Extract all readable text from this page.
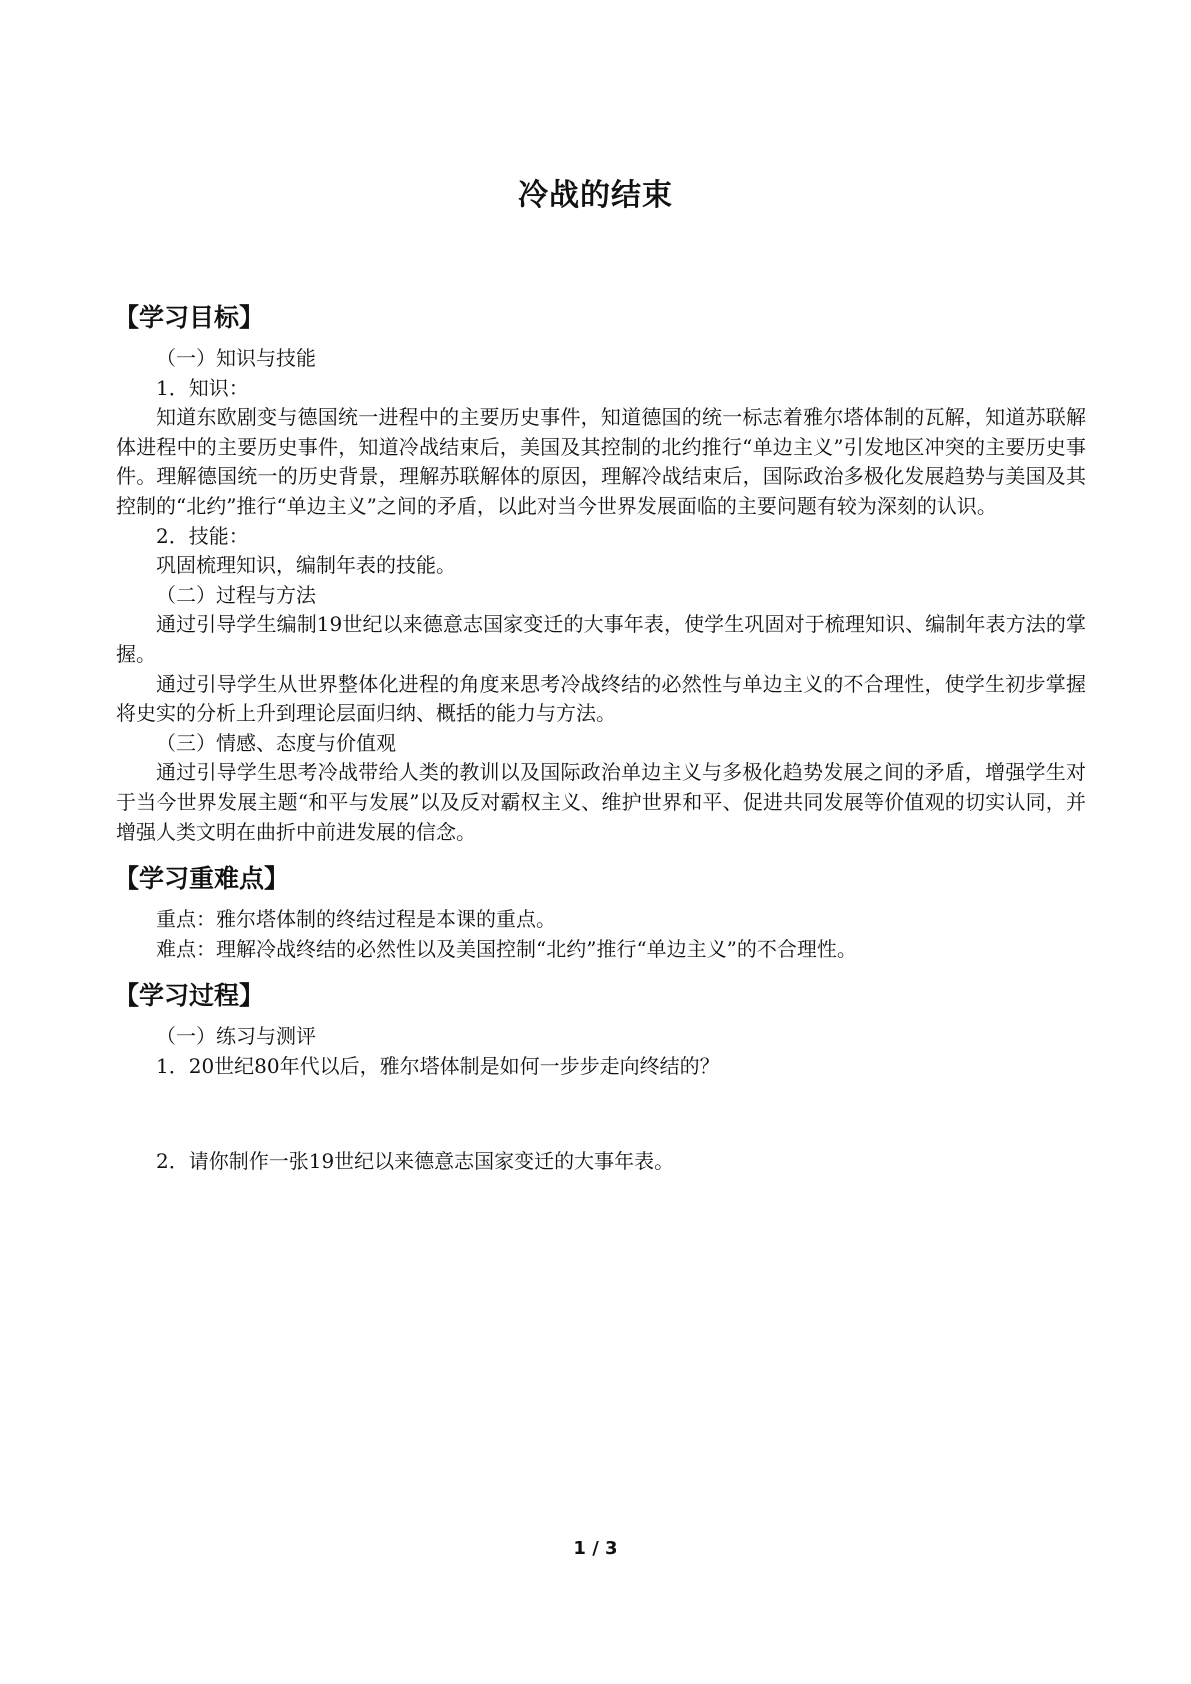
冷战的结束
【学习目标】

（一）知识与技能

1．知识：

知道东欧剧变与德国统一进程中的主要历史事件，知道德国的统一标志着雅尔塔体制的瓦解，知道苏联解体进程中的主要历史事件，知道冷战结束后，美国及其控制的北约推行“单边主义”引发地区冲突的主要历史事件。理解德国统一的历史背景，理解苏联解体的原因，理解冷战结束后，国际政治多极化发展趋势与美国及其控制的“北约”推行“单边主义”之间的矛盾，以此对当今世界发展面临的主要问题有较为深刻的认识。

2．技能：

巩固梳理知识，编制年表的技能。

（二）过程与方法

通过引导学生编制19世纪以来德意志国家变迁的大事年表，使学生巩固对于梳理知识、编制年表方法的掌握。

通过引导学生从世界整体化进程的角度来思考冷战终结的必然性与单边主义的不合理性，使学生初步掌握将史实的分析上升到理论层面归纳、概括的能力与方法。

（三）情感、态度与价值观

通过引导学生思考冷战带给人类的教训以及国际政治单边主义与多极化趋势发展之间的矛盾，增强学生对于当今世界发展主题“和平与发展”以及反对霸权主义、维护世界和平、促进共同发展等价值观的切实认同，并增强人类文明在曲折中前进发展的信念。

【学习重难点】

重点：雅尔塔体制的终结过程是本课的重点。

难点：理解冷战终结的必然性以及美国控制“北约”推行“单边主义”的不合理性。

【学习过程】

（一）练习与测评

1．20世纪80年代以后，雅尔塔体制是如何一步步走向终结的？

2．请你制作一张19世纪以来德意志国家变迁的大事年表。

1 / 3
